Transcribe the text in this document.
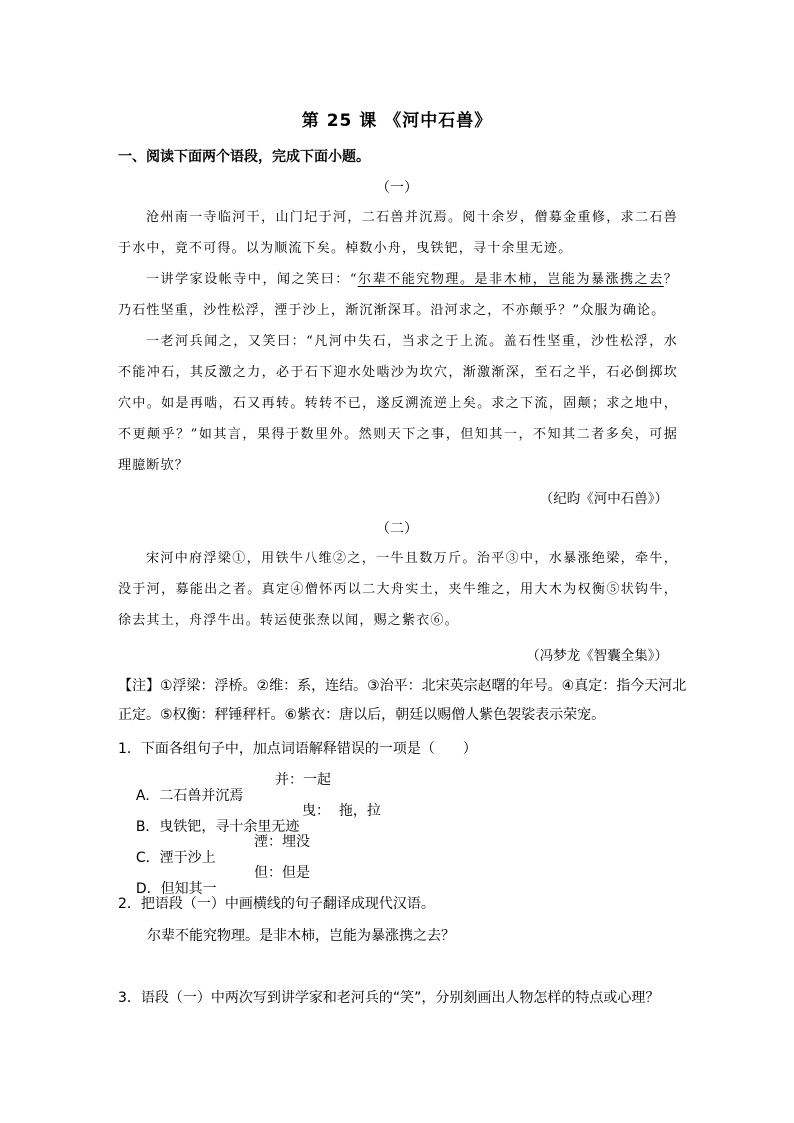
第 25 课 《河中石兽》
一、阅读下面两个语段，完成下面小题。
（一）
沧州南一寺临河干，山门圮于河，二石兽并沉焉。阅十余岁，僧募金重修，求二石兽于水中，竟不可得。以为顺流下矣。棹数小舟，曳铁钯，寻十余里无迹。
一讲学家设帐寺中，闻之笑曰：“尔辈不能究物理。是非木柿，岂能为暴涨携之去？乃石性坚重，沙性松浮，湮于沙上，渐沉渐深耳。沿河求之，不亦颠乎？”众服为确论。
一老河兵闻之，又笑曰：“凡河中失石，当求之于上流。盖石性坚重，沙性松浮，水不能冲石，其反激之力，必于石下迎水处啮沙为坎穴，渐激渐深，至石之半，石必倒掷坎穴中。如是再啮，石又再转。转转不已，遂反溯流逆上矣。求之下流，固颠；求之地中，不更颠乎？”如其言，果得于数里外。然则天下之事，但知其一，不知其二者多矣，可据理臆断欤？
（纪昀《河中石兽》）
（二）
宋河中府浮梁①，用铁牛八维②之，一牛且数万斤。治平③中，水暴涨绝梁，牵牛，没于河，募能出之者。真定④僧怀丙以二大舟实土，夹牛维之，用大木为权衡⑤状钩牛，徐去其土，舟浮牛出。转运使张焘以闻，赐之紫衣⑥。
（冯梦龙《智囊全集》）
【注】①浮梁：浮桥。②维：系，连结。③治平：北宋英宗赵曙的年号。④真定：指今天河北正定。⑤权衡：秤锤秤杆。⑥紫衣：唐以后，朝廷以赐僧人紫色袈裟表示荣宠。
1．下面各组句子中，加点词语解释错误的一项是（　　）

A．二石兽并沉焉

并：一起

B．曳铁钯，寻十余里无迹

曳：  拖，拉

C．湮于沙上

湮：埋没

D．但知其一

但：但是

2．把语段（一）中画横线的句子翻译成现代汉语。
尔辈不能究物理。是非木柿，岂能为暴涨携之去？
3．语段（一）中两次写到讲学家和老河兵的“笑”，分别刻画出人物怎样的特点或心理？
